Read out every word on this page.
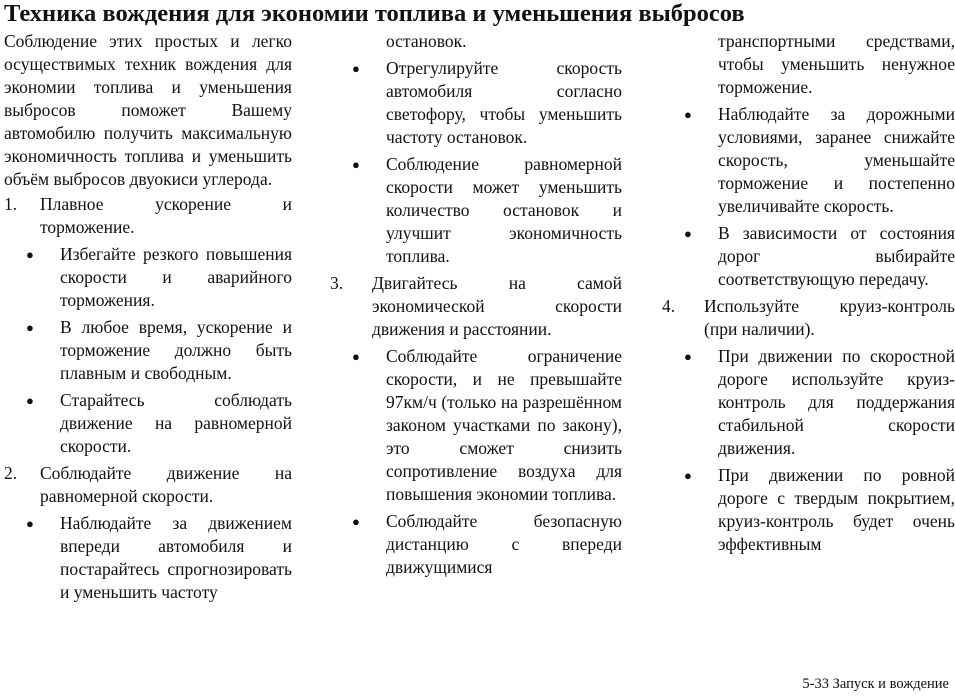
Техника вождения для экономии топлива и уменьшения выбросов

Соблюдение этих простых и легко осуществимых техник вождения для экономии топлива и уменьшения выбросов поможет Вашему автомобилю получить максимальную экономичность топлива и уменьшить объём выбросов двуокиси углерода.

1. Плавное ускорение и торможение.
● Избегайте резкого повышения скорости и аварийного торможения.
● В любое время, ускорение и торможение должно быть плавным и свободным.
● Старайтесь соблюдать движение на равномерной скорости.
2. Соблюдайте движение на равномерной скорости.
● Наблюдайте за движением впереди автомобиля и постарайтесь спрогнозировать и уменьшить частоту
остановок.
● Отрегулируйте скорость автомобиля согласно светофору, чтобы уменьшить частоту остановок.
● Соблюдение равномерной скорости может уменьшить количество остановок и улучшит экономичность топлива.
3. Двигайтесь на самой экономической скорости движения и расстоянии.
● Соблюдайте ограничение скорости, и не превышайте 97км/ч (только на разрешённом законом участками по закону), это сможет снизить сопротивление воздуха для повышения экономии топлива.
● Соблюдайте безопасную дистанцию с впереди движущимися
транспортными средствами, чтобы уменьшить ненужное торможение.
● Наблюдайте за дорожными условиями, заранее снижайте скорость, уменьшайте торможение и постепенно увеличивайте скорость.
● В зависимости от состояния дорог выбирайте соответствующую передачу.
4. Используйте круиз-контроль (при наличии).
● При движении по скоростной дороге используйте круиз-контроль для поддержания стабильной скорости движения.
● При движении по ровной дороге с твердым покрытием, круиз-контроль будет очень эффективным
5-33 Запуск и вождение
